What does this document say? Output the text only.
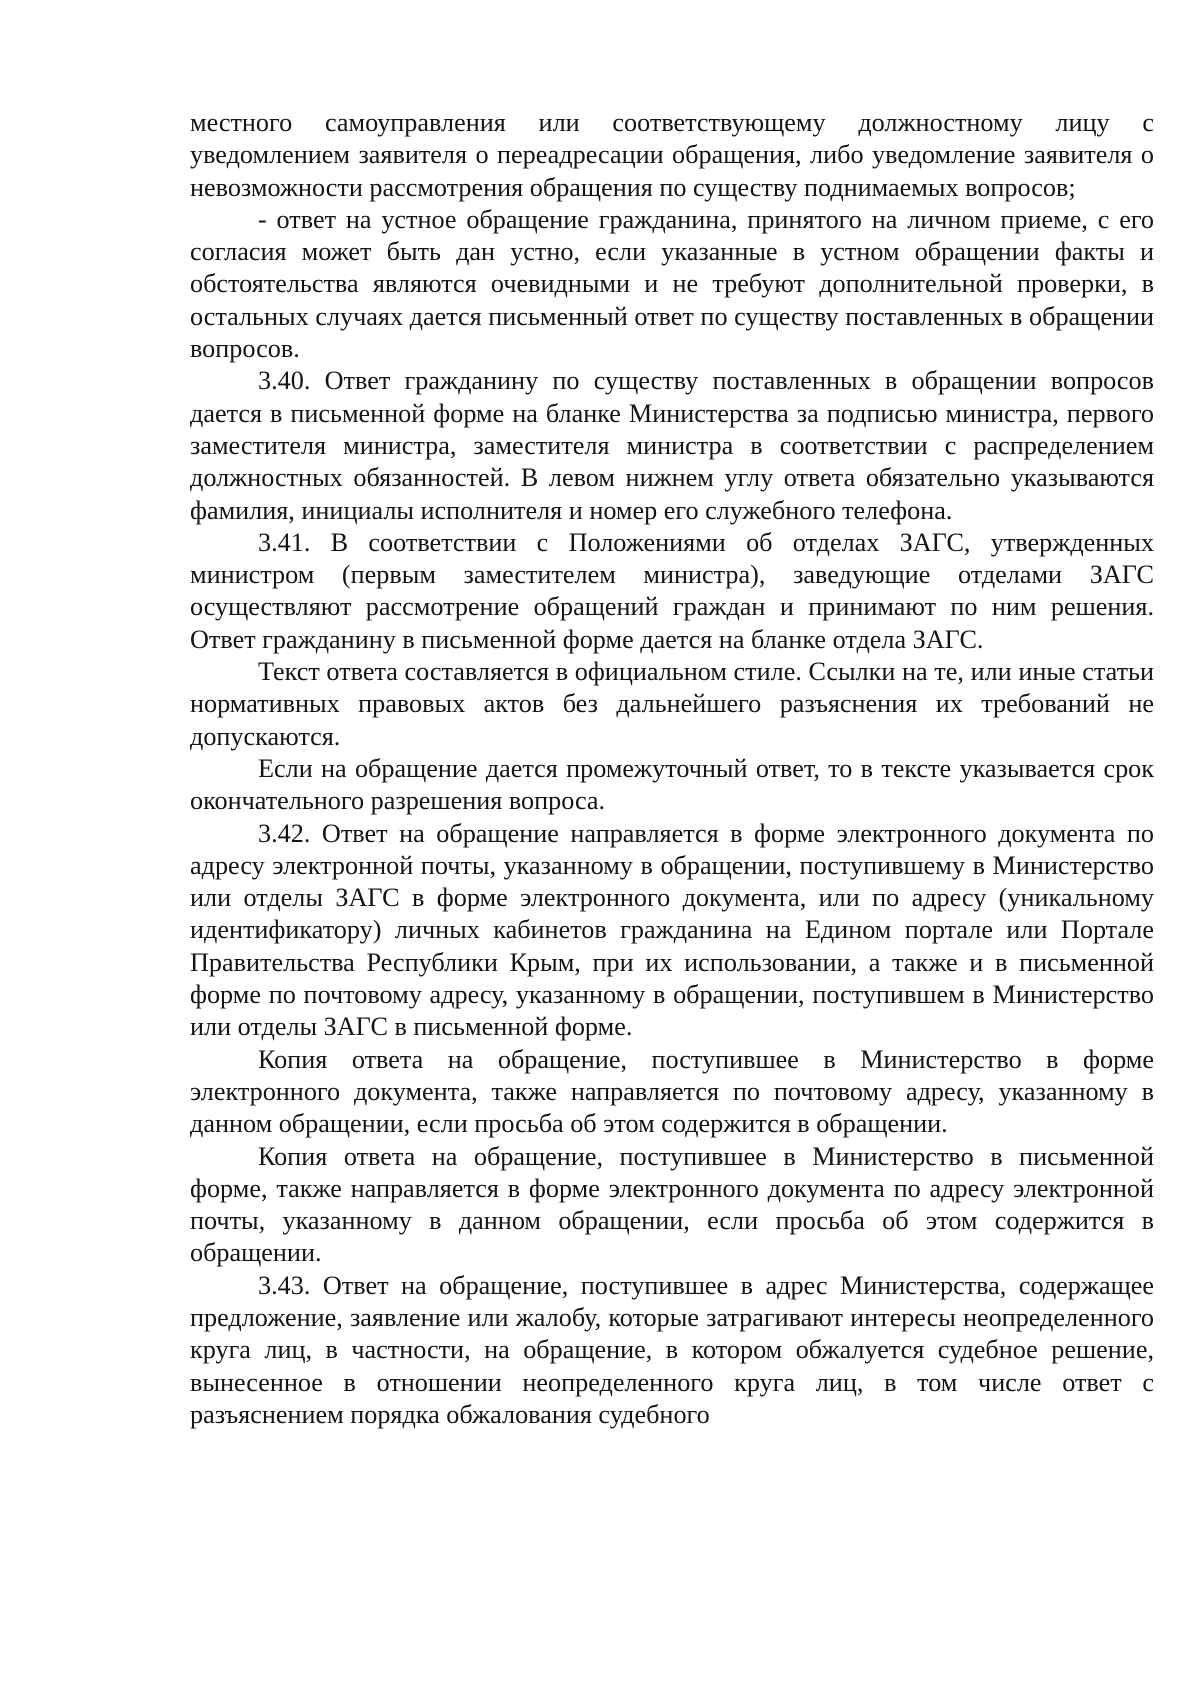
местного самоуправления или соответствующему должностному лицу с уведомлением заявителя о переадресации обращения, либо уведомление заявителя о невозможности рассмотрения обращения по существу поднимаемых вопросов;

- ответ на устное обращение гражданина, принятого на личном приеме, с его согласия может быть дан устно, если указанные в устном обращении факты и обстоятельства являются очевидными и не требуют дополнительной проверки, в остальных случаях дается письменный ответ по существу поставленных в обращении вопросов.

3.40. Ответ гражданину по существу поставленных в обращении вопросов дается в письменной форме на бланке Министерства за подписью министра, первого заместителя министра, заместителя министра в соответствии с распределением должностных обязанностей. В левом нижнем углу ответа обязательно указываются фамилия, инициалы исполнителя и номер его служебного телефона.

3.41. В соответствии с Положениями об отделах ЗАГС, утвержденных министром (первым заместителем министра), заведующие отделами ЗАГС осуществляют рассмотрение обращений граждан и принимают по ним решения. Ответ гражданину в письменной форме дается на бланке отдела ЗАГС.

Текст ответа составляется в официальном стиле. Ссылки на те, или иные статьи нормативных правовых актов без дальнейшего разъяснения их требований не допускаются.

Если на обращение дается промежуточный ответ, то в тексте указывается срок окончательного разрешения вопроса.

3.42. Ответ на обращение направляется в форме электронного документа по адресу электронной почты, указанному в обращении, поступившему в Министерство или отделы ЗАГС в форме электронного документа, или по адресу (уникальному идентификатору) личных кабинетов гражданина на Едином портале или Портале Правительства Республики Крым, при их использовании, а также и в письменной форме по почтовому адресу, указанному в обращении, поступившем в Министерство или отделы ЗАГС в письменной форме.

Копия ответа на обращение, поступившее в Министерство в форме электронного документа, также направляется по почтовому адресу, указанному в данном обращении, если просьба об этом содержится в обращении.

Копия ответа на обращение, поступившее в Министерство в письменной форме, также направляется в форме электронного документа по адресу электронной почты, указанному в данном обращении, если просьба об этом содержится в обращении.

3.43. Ответ на обращение, поступившее в адрес Министерства, содержащее предложение, заявление или жалобу, которые затрагивают интересы неопределенного круга лиц, в частности, на обращение, в котором обжалуется судебное решение, вынесенное в отношении неопределенного круга лиц, в том числе ответ с разъяснением порядка обжалования судебного
